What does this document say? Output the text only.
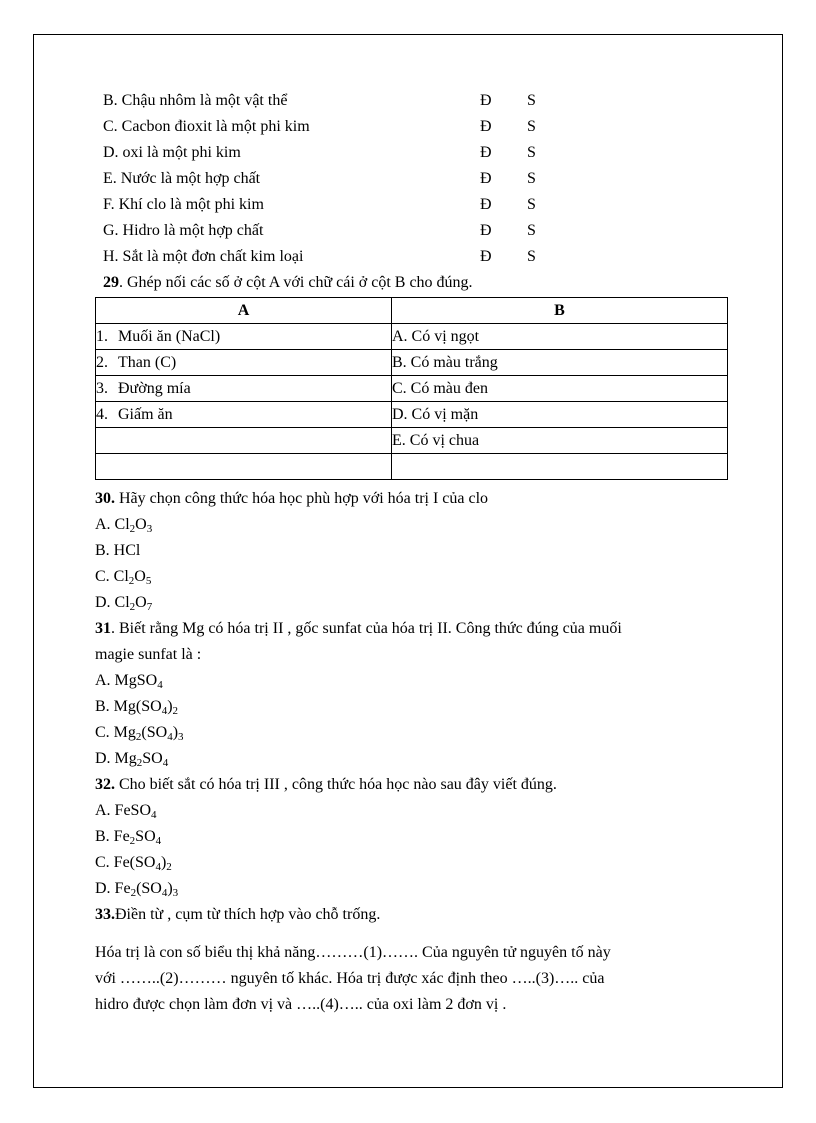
B. Chậu nhôm là một vật thể	Đ	S
C. Cacbon đioxit là một phi kim	Đ	S
D. oxi là một phi kim	Đ	S
E. Nước là một hợp chất	Đ	S
F. Khí clo là một phi kim	Đ	S
G. Hidro là một hợp chất	Đ	S
H. Sắt là một đơn chất kim loại	Đ	S
29. Ghép nối các số ở cột A với chữ cái ở cột B cho đúng.
A	B
1. Muối ăn (NaCl)	A. Có vị ngọt
2. Than (C)	B. Có màu trắng
3. Đường mía	C. Có màu đen
4. Giấm ăn	D. Có vị mặn
	E. Có vị chua

30. Hãy chọn công thức hóa học phù hợp với hóa trị I của clo
A. $Cl_2O_3$
B. HCl
C. $Cl_2O_5$
D. $Cl_2O_7$
31. Biết rằng Mg có hóa trị II , gốc sunfat của hóa trị II. Công thức đúng của muối
magie sunfat là :
A. MgSO$_4$
B. $Mg(SO_4)_2$
C. $Mg_2(SO_4)_3$
D. $Mg_2SO_4$
32. Cho biết sắt có hóa trị III , công thức hóa học nào sau đây viết đúng.
A. FeSO$_4$
B. $Fe_2SO_4$
C. $Fe(SO_4)_2$
D. $Fe_2(SO_4)_3$
33.Điền từ , cụm từ thích hợp vào chỗ trống.
Hóa trị là con số biểu thị khả năng………(1)……. Của nguyên tử nguyên tố này
với ……..(2)……… nguyên tố khác. Hóa trị được xác định theo …..(3)….. của
hidro được chọn làm đơn vị và …..(4)….. của oxi làm 2 đơn vị .
